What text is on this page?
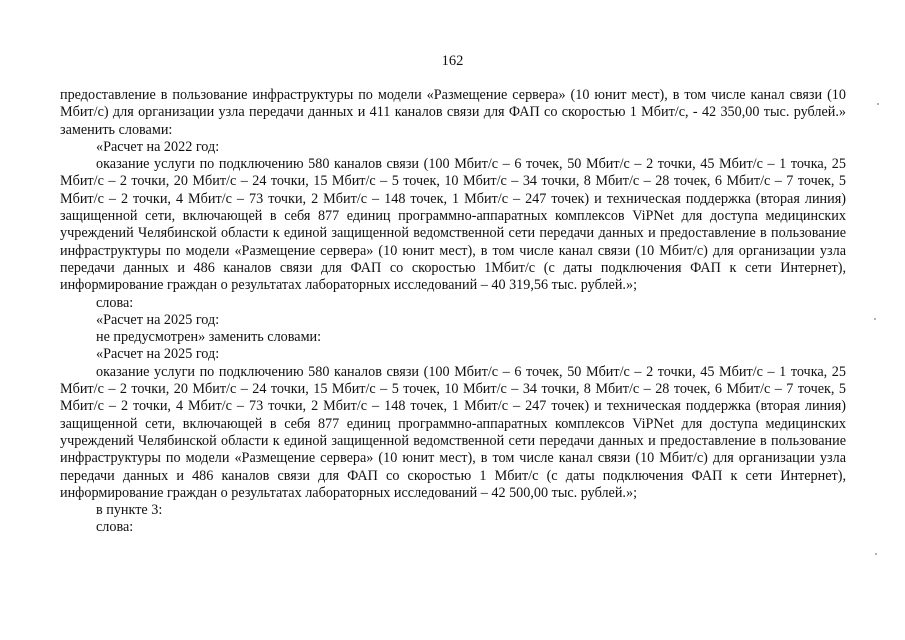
162

предоставление в пользование инфраструктуры по модели «Размещение сервера» (10 юнит мест), в том числе канал связи (10 Мбит/с) для организации узла передачи данных и 411 каналов связи для ФАП со скоростью 1 Мбит/с, - 42 350,00 тыс. рублей.» заменить словами:

«Расчет на 2022 год:

оказание услуги по подключению 580 каналов связи (100 Мбит/с – 6 точек, 50 Мбит/с – 2 точки, 45 Мбит/с – 1 точка, 25 Мбит/с – 2 точки, 20 Мбит/с – 24 точки, 15 Мбит/с – 5 точек, 10 Мбит/с – 34 точки, 8 Мбит/с – 28 точек, 6 Мбит/с – 7 точек, 5 Мбит/с – 2 точки, 4 Мбит/с – 73 точки, 2 Мбит/с – 148 точек, 1 Мбит/с – 247 точек) и техническая поддержка (вторая линия) защищенной сети, включающей в себя 877 единиц программно-аппаратных комплексов ViPNet для доступа медицинских учреждений Челябинской области к единой защищенной ведомственной сети передачи данных и предоставление в пользование инфраструктуры по модели «Размещение сервера» (10 юнит мест), в том числе канал связи (10 Мбит/с) для организации узла передачи данных и 486 каналов связи для ФАП со скоростью 1Мбит/с (с даты подключения ФАП к сети Интернет), информирование граждан о результатах лабораторных исследований – 40 319,56 тыс. рублей.»;

слова:

«Расчет на 2025 год:

не предусмотрен» заменить словами:

«Расчет на 2025 год:

оказание услуги по подключению 580 каналов связи (100 Мбит/с – 6 точек, 50 Мбит/с – 2 точки, 45 Мбит/с – 1 точка, 25 Мбит/с – 2 точки, 20 Мбит/с – 24 точки, 15 Мбит/с – 5 точек, 10 Мбит/с – 34 точки, 8 Мбит/с – 28 точек, 6 Мбит/с – 7 точек, 5 Мбит/с – 2 точки, 4 Мбит/с – 73 точки, 2 Мбит/с – 148 точек, 1 Мбит/с – 247 точек) и техническая поддержка (вторая линия) защищенной сети, включающей в себя 877 единиц программно-аппаратных комплексов ViPNet для доступа медицинских учреждений Челябинской области к единой защищенной ведомственной сети передачи данных и предоставление в пользование инфраструктуры по модели «Размещение сервера» (10 юнит мест), в том числе канал связи (10 Мбит/с) для организации узла передачи данных и 486 каналов связи для ФАП со скоростью 1 Мбит/с (с даты подключения ФАП к сети Интернет), информирование граждан о результатах лабораторных исследований – 42 500,00 тыс. рублей.»;

в пункте 3:

слова:
